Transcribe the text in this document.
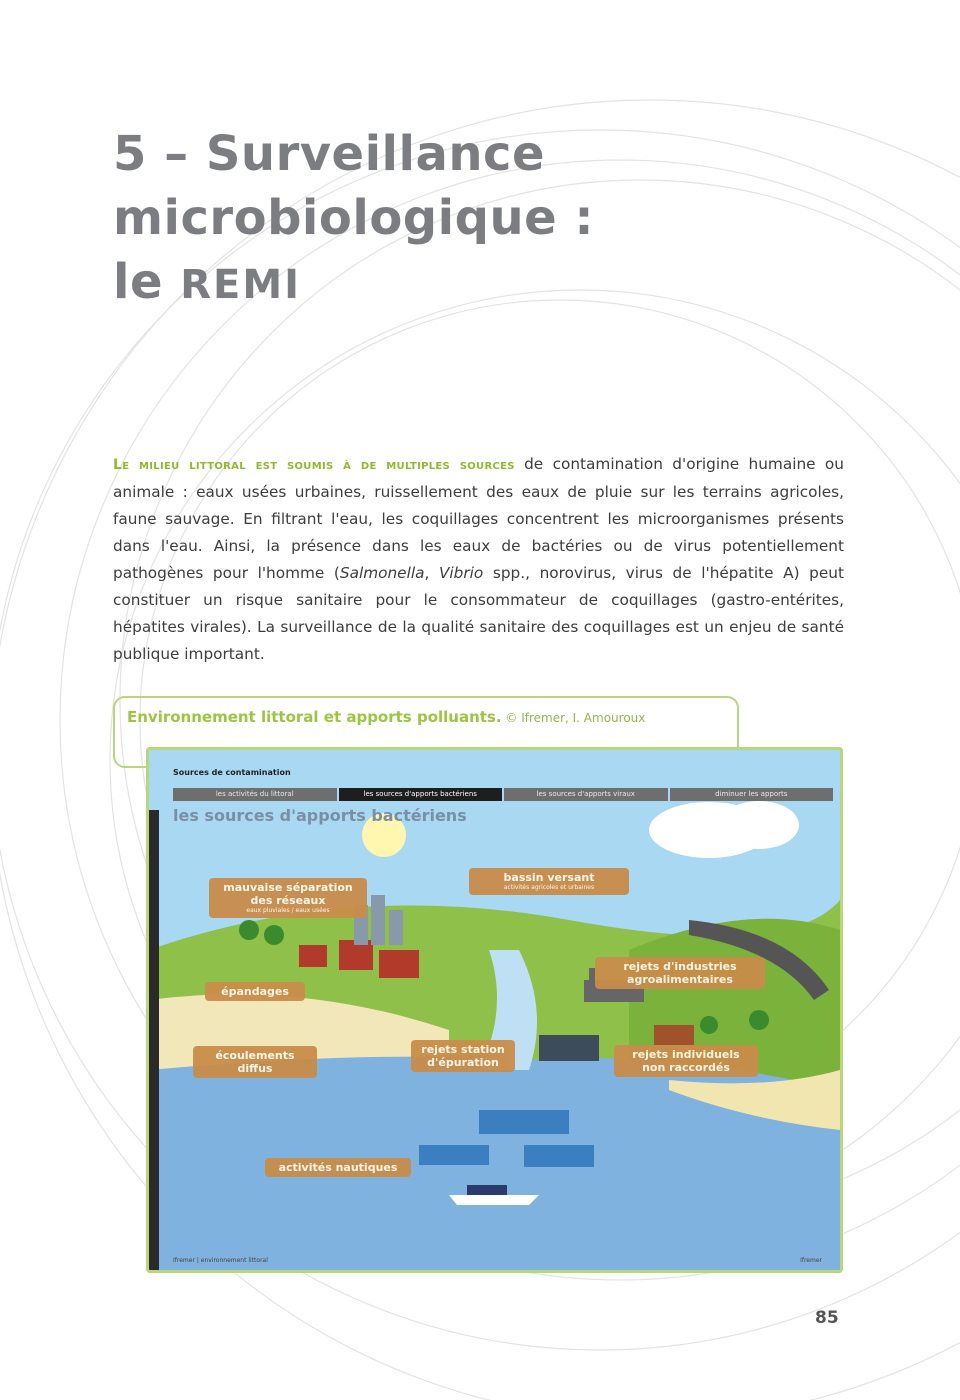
5 – Surveillance
microbiologique :
le REMI

Le milieu littoral est soumis à de multiples sources de contamination d'origine humaine ou animale : eaux usées urbaines, ruissellement des eaux de pluie sur les terrains agricoles, faune sauvage. En filtrant l'eau, les coquillages concentrent les microorganismes présents dans l'eau. Ainsi, la présence dans les eaux de bactéries ou de virus potentiellement pathogènes pour l'homme (Salmonella, Vibrio spp., norovirus, virus de l'hépatite A) peut constituer un risque sanitaire pour le consommateur de coquillages (gastro-entérites, hépatites virales). La surveillance de la qualité sanitaire des coquillages est un enjeu de santé publique important.

Environnement littoral et apports polluants. © Ifremer, I. Amouroux
Sources de contamination
les activités du littoral	les sources d'apports bactériens	les sources d'apports viraux	diminuer les apports
les sources d'apports bactériens
mauvaise séparation des réseaux
eaux pluviales / eaux usées
bassin versant
activités agricoles et urbaines
rejets d'industries agroalimentaires
épandages
écoulements diffus
rejets station d'épuration
rejets individuels non raccordés
activités nautiques
Ifremer | environnement littoral	Ifremer
85
